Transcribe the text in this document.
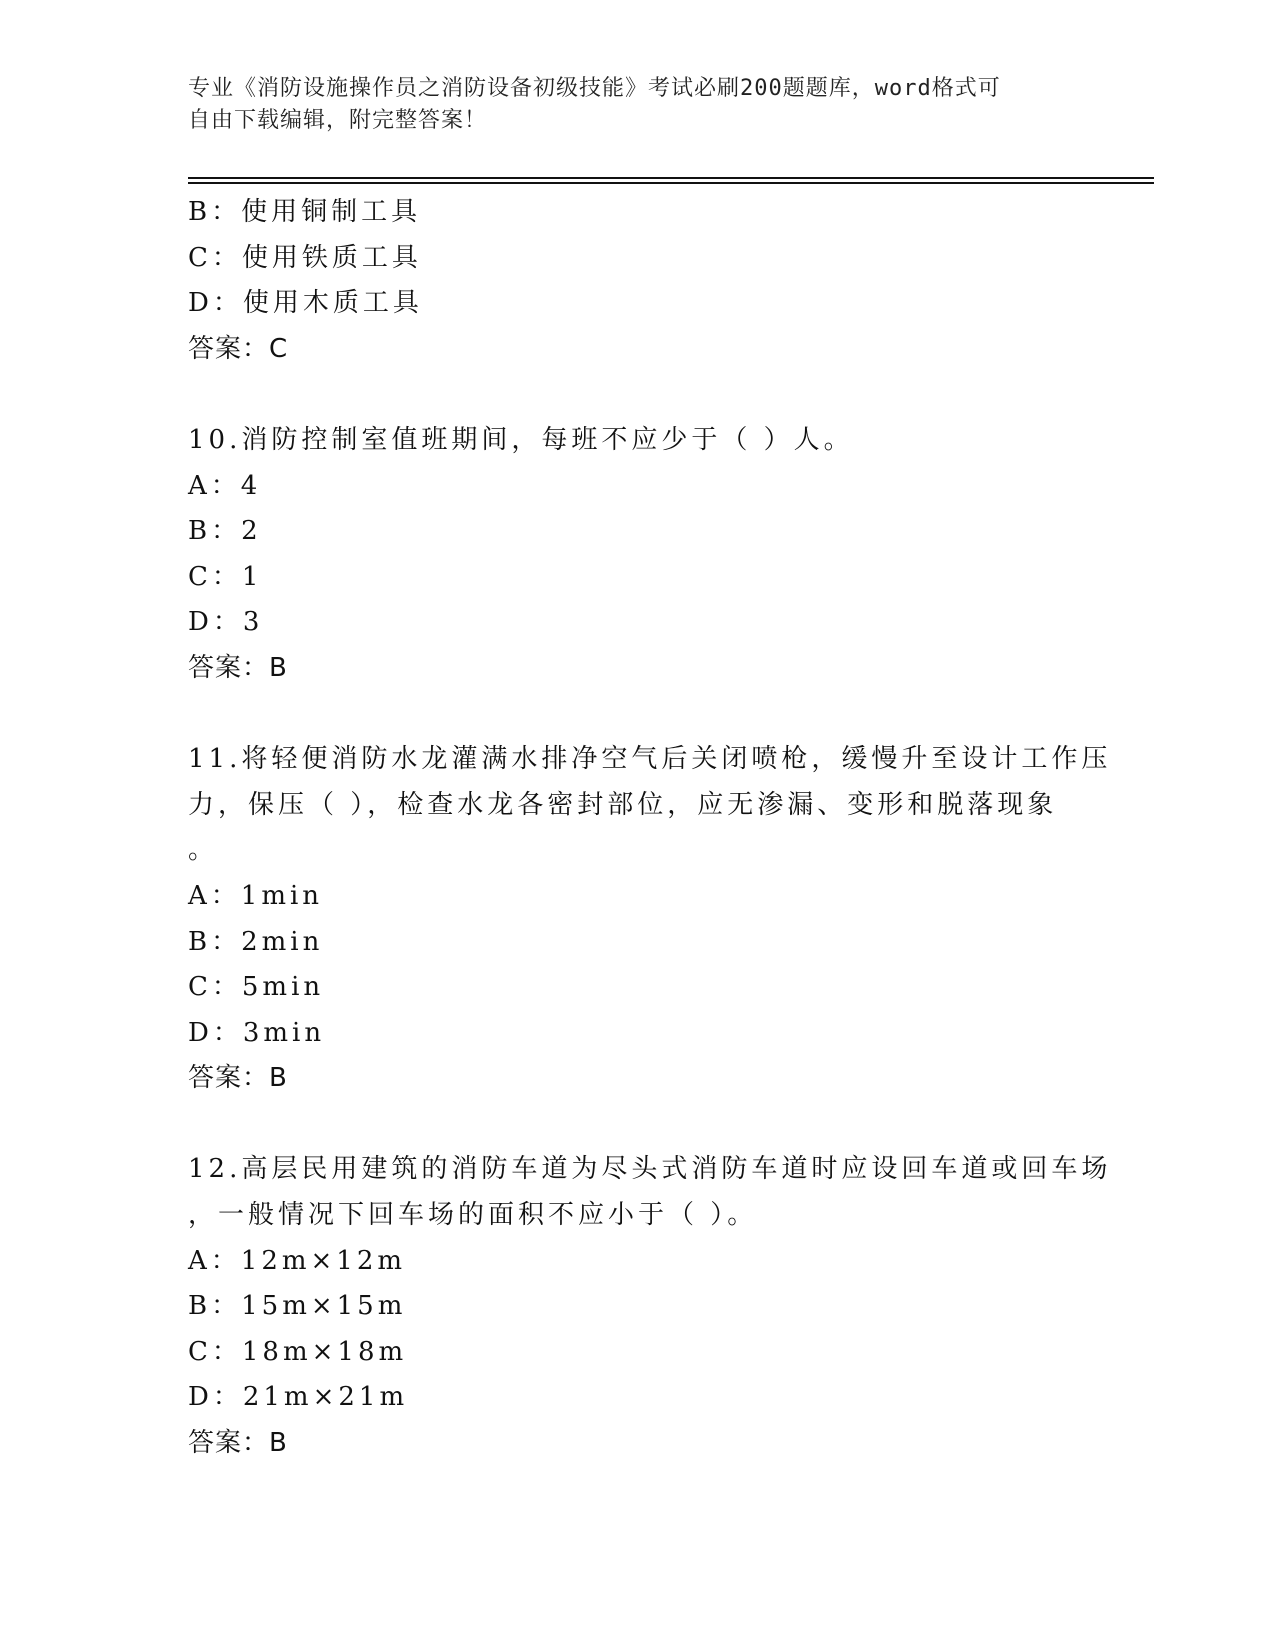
专业《消防设施操作员之消防设备初级技能》考试必刷200题题库，word格式可
自由下载编辑，附完整答案！
B：使用铜制工具
C：使用铁质工具
D：使用木质工具
答案：C
10.消防控制室值班期间，每班不应少于（ ）人。
A：4
B：2
C：1
D：3
答案：B
11.将轻便消防水龙灌满水排净空气后关闭喷枪，缓慢升至设计工作压
力，保压（ ），检查水龙各密封部位，应无渗漏、变形和脱落现象
。
A：1min
B：2min
C：5min
D：3min
答案：B
12.高层民用建筑的消防车道为尽头式消防车道时应设回车道或回车场
，一般情况下回车场的面积不应小于（ ）。
A：12m×12m
B：15m×15m
C：18m×18m
D：21m×21m
答案：B
